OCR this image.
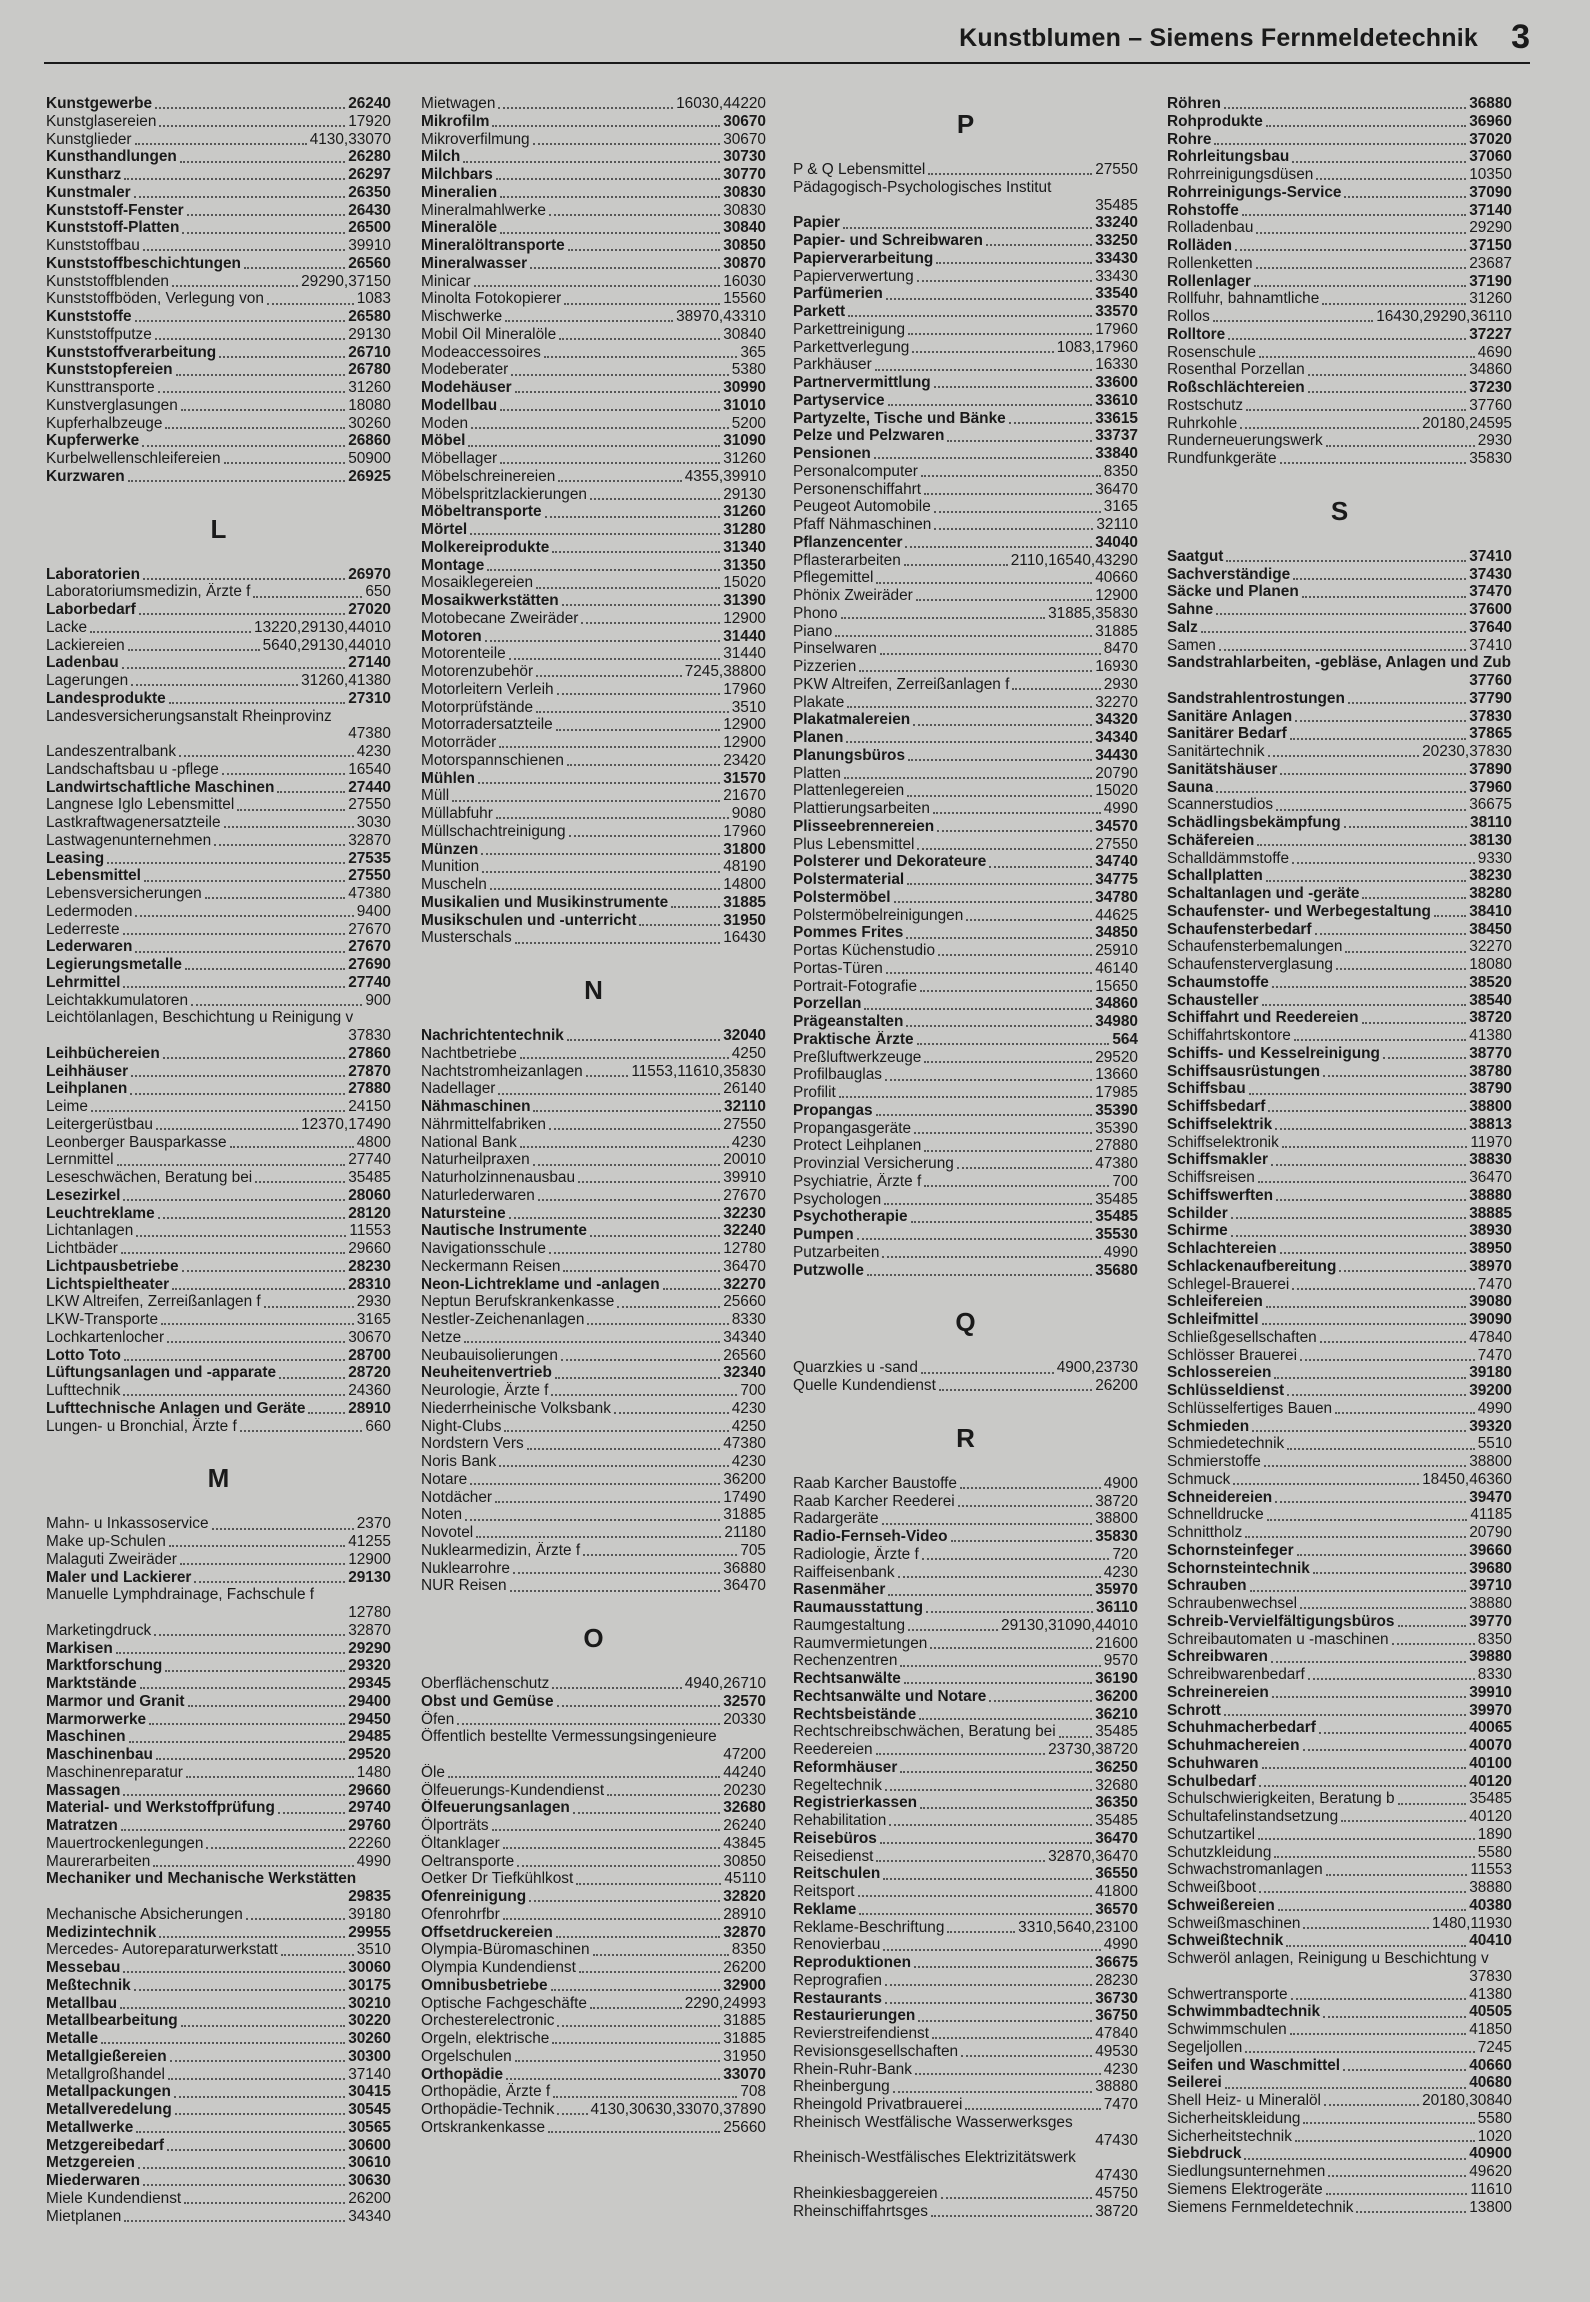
Kunstblumen – Siemens Fernmeldetechnik 3
Kunstgewerbe	26240
Kunstglasereien	17920
Kunstglieder	4130,33070
Kunsthandlungen	26280
Kunstharz	26297
Kunstmaler	26350
Kunststoff-Fenster	26430
Kunststoff-Platten	26500
Kunststoffbau	39910
Kunststoffbeschichtungen	26560
Kunststoffblenden	29290,37150
Kunststoffböden, Verlegung von	1083
Kunststoffe	26580
Kunststoffputze	29130
Kunststoffverarbeitung	26710
Kunststopfereien	26780
Kunsttransporte	31260
Kunstverglasungen	18080
Kupferhalbzeuge	30260
Kupferwerke	26860
Kurbelwellenschleifereien	50900
Kurzwaren	26925
L
Laboratorien	26970
Laboratoriumsmedizin, Ärzte f	650
Laborbedarf	27020
Lacke	13220,29130,44010
Lackiereien	5640,29130,44010
Ladenbau	27140
Lagerungen	31260,41380
Landesprodukte	27310
Landesversicherungsanstalt Rheinprovinz
47380
Landeszentralbank	4230
Landschaftsbau u -pflege	16540
Landwirtschaftliche Maschinen	27440
Langnese Iglo Lebensmittel	27550
Lastkraftwagenersatzteile	3030
Lastwagenunternehmen	32870
Leasing	27535
Lebensmittel	27550
Lebensversicherungen	47380
Ledermoden	9400
Lederreste	27670
Lederwaren	27670
Legierungsmetalle	27690
Lehrmittel	27740
Leichtakkumulatoren	900
Leichtölanlagen, Beschichtung u Reinigung v
37830
Leihbüchereien	27860
Leihhäuser	27870
Leihplanen	27880
Leime	24150
Leitergerüstbau	12370,17490
Leonberger Bausparkasse	4800
Lernmittel	27740
Leseschwächen, Beratung bei	35485
Lesezirkel	28060
Leuchtreklame	28120
Lichtanlagen	11553
Lichtbäder	29660
Lichtpausbetriebe	28230
Lichtspieltheater	28310
LKW Altreifen, Zerreißanlagen f	2930
LKW-Transporte	3165
Lochkartenlocher	30670
Lotto Toto	28700
Lüftungsanlagen und -apparate	28720
Lufttechnik	24360
Lufttechnische Anlagen und Geräte	28910
Lungen- u Bronchial, Ärzte f	660
M
Mahn- u Inkassoservice	2370
Make up-Schulen	41255
Malaguti Zweiräder	12900
Maler und Lackierer	29130
Manuelle Lymphdrainage, Fachschule f
12780
Marketingdruck	32870
Markisen	29290
Marktforschung	29320
Marktstände	29345
Marmor und Granit	29400
Marmorwerke	29450
Maschinen	29485
Maschinenbau	29520
Maschinenreparatur	1480
Massagen	29660
Material- und Werkstoffprüfung	29740
Matratzen	29760
Mauertrockenlegungen	22260
Maurerarbeiten	4990
Mechaniker und Mechanische Werkstätten
29835
Mechanische Absicherungen	39180
Medizintechnik	29955
Mercedes- Autoreparaturwerkstatt	3510
Messebau	30060
Meßtechnik	30175
Metallbau	30210
Metallbearbeitung	30220
Metalle	30260
Metallgießereien	30300
Metallgroßhandel	37140
Metallpackungen	30415
Metallveredelung	30545
Metallwerke	30565
Metzgereibedarf	30600
Metzgereien	30610
Miederwaren	30630
Miele Kundendienst	26200
Mietplanen	34340
Mietwagen	16030,44220
Mikrofilm	30670
Mikroverfilmung	30670
Milch	30730
Milchbars	30770
Mineralien	30830
Mineralmahlwerke	30830
Mineralöle	30840
Mineralöltransporte	30850
Mineralwasser	30870
Minicar	16030
Minolta Fotokopierer	15560
Mischwerke	38970,43310
Mobil Oil Mineralöle	30840
Modeaccessoires	365
Modeberater	5380
Modehäuser	30990
Modellbau	31010
Moden	5200
Möbel	31090
Möbellager	31260
Möbelschreinereien	4355,39910
Möbelspritzlackierungen	29130
Möbeltransporte	31260
Mörtel	31280
Molkereiprodukte	31340
Montage	31350
Mosaiklegereien	15020
Mosaikwerkstätten	31390
Motobecane Zweiräder	12900
Motoren	31440
Motorenteile	31440
Motorenzubehör	7245,38800
Motorleitern Verleih	17960
Motorprüfstände	3510
Motorradersatzteile	12900
Motorräder	12900
Motorspannschienen	23420
Mühlen	31570
Müll	21670
Müllabfuhr	9080
Müllschachtreinigung	17960
Münzen	31800
Munition	48190
Muscheln	14800
Musikalien und Musikinstrumente	31885
Musikschulen und -unterricht	31950
Musterschals	16430
N
Nachrichtentechnik	32040
Nachtbetriebe	4250
Nachtstromheizanlagen	11553,11610,35830
Nadellager	26140
Nähmaschinen	32110
Nährmittelfabriken	27550
National Bank	4230
Naturheilpraxen	20010
Naturholzinnenausbau	39910
Naturlederwaren	27670
Natursteine	32230
Nautische Instrumente	32240
Navigationsschule	12780
Neckermann Reisen	36470
Neon-Lichtreklame und -anlagen	32270
Neptun Berufskrankenkasse	25660
Nestler-Zeichenanlagen	8330
Netze	34340
Neubauisolierungen	26560
Neuheitenvertrieb	32340
Neurologie, Ärzte f	700
Niederrheinische Volksbank	4230
Night-Clubs	4250
Nordstern Vers	47380
Noris Bank	4230
Notare	36200
Notdächer	17490
Noten	31885
Novotel	21180
Nuklearmedizin, Ärzte f	705
Nuklearrohre	36880
NUR Reisen	36470
O
Oberflächenschutz	4940,26710
Obst und Gemüse	32570
Öfen	20330
Öffentlich bestellte Vermessungsingenieure
47200
Öle	44240
Ölfeuerungs-Kundendienst	20230
Ölfeuerungsanlagen	32680
Ölporträts	26240
Öltanklager	43845
Oeltransporte	30850
Oetker Dr Tiefkühlkost	45110
Ofenreinigung	32820
Ofenrohrfbr	28910
Offsetdruckereien	32870
Olympia-Büromaschinen	8350
Olympia Kundendienst	26200
Omnibusbetriebe	32900
Optische Fachgeschäfte	2290,24993
Orchesterelectronic	31885
Orgeln, elektrische	31885
Orgelschulen	31950
Orthopädie	33070
Orthopädie, Ärzte f	708
Orthopädie-Technik 4130,30630,33070,37890
Ortskrankenkasse	25660
P
P & Q Lebensmittel	27550
Pädagogisch-Psychologisches Institut
35485
Papier	33240
Papier- und Schreibwaren	33250
Papierverarbeitung	33430
Papierverwertung	33430
Parfümerien	33540
Parkett	33570
Parkettreinigung	17960
Parkettverlegung	1083,17960
Parkhäuser	16330
Partnervermittlung	33600
Partyservice	33610
Partyzelte, Tische und Bänke	33615
Pelze und Pelzwaren	33737
Pensionen	33840
Personalcomputer	8350
Personenschiffahrt	36470
Peugeot Automobile	3165
Pfaff Nähmaschinen	32110
Pflanzencenter	34040
Pflasterarbeiten	2110,16540,43290
Pflegemittel	40660
Phönix Zweiräder	12900
Phono	31885,35830
Piano	31885
Pinselwaren	8470
Pizzerien	16930
PKW Altreifen, Zerreißanlagen f	2930
Plakate	32270
Plakatmalereien	34320
Planen	34340
Planungsbüros	34430
Platten	20790
Plattenlegereien	15020
Plattierungsarbeiten	4990
Plisseebrennereien	34570
Plus Lebensmittel	27550
Polsterer und Dekorateure	34740
Polstermaterial	34775
Polstermöbel	34780
Polstermöbelreinigungen	44625
Pommes Frites	34850
Portas Küchenstudio	25910
Portas-Türen	46140
Portrait-Fotografie	15650
Porzellan	34860
Prägeanstalten	34980
Praktische Ärzte	564
Preßluftwerkzeuge	29520
Profilbauglas	13660
Profilit	17985
Propangas	35390
Propangasgeräte	35390
Protect Leihplanen	27880
Provinzial Versicherung	47380
Psychiatrie, Ärzte f	700
Psychologen	35485
Psychotherapie	35485
Pumpen	35530
Putzarbeiten	4990
Putzwolle	35680
Q
Quarzkies u -sand	4900,23730
Quelle Kundendienst	26200
R
Raab Karcher Baustoffe	4900
Raab Karcher Reederei	38720
Radargeräte	38800
Radio-Fernseh-Video	35830
Radiologie, Ärzte f	720
Raiffeisenbank	4230
Rasenmäher	35970
Raumausstattung	36110
Raumgestaltung	29130,31090,44010
Raumvermietungen	21600
Rechenzentren	9570
Rechtsanwälte	36190
Rechtsanwälte und Notare	36200
Rechtsbeistände	36210
Rechtschreibschwächen, Beratung bei	35485
Reedereien	23730,38720
Reformhäuser	36250
Regeltechnik	32680
Registrierkassen	36350
Rehabilitation	35485
Reisebüros	36470
Reisedienst	32870,36470
Reitschulen	36550
Reitsport	41800
Reklame	36570
Reklame-Beschriftung	3310,5640,23100
Renovierbau	4990
Reproduktionen	36675
Reprografien	28230
Restaurants	36730
Restaurierungen	36750
Revierstreifendienst	47840
Revisionsgesellschaften	49530
Rhein-Ruhr-Bank	4230
Rheinbergung	38880
Rheingold Privatbrauerei	7470
Rheinisch Westfälische Wasserwerksges
47430
Rheinisch-Westfälisches Elektrizitätswerk
47430
Rheinkiesbaggereien	45750
Rheinschiffahrtsges	38720
Röhren	36880
Rohprodukte	36960
Rohre	37020
Rohrleitungsbau	37060
Rohrreinigungsdüsen	10350
Rohrreinigungs-Service	37090
Rohstoffe	37140
Rolladenbau	29290
Rolläden	37150
Rollenketten	23687
Rollenlager	37190
Rollfuhr, bahnamtliche	31260
Rollos	16430,29290,36110
Rolltore	37227
Rosenschule	4690
Rosenthal Porzellan	34860
Roßschlächtereien	37230
Rostschutz	37760
Ruhrkohle	20180,24595
Runderneuerungswerk	2930
Rundfunkgeräte	35830
S
Saatgut	37410
Sachverständige	37430
Säcke und Planen	37470
Sahne	37600
Salz	37640
Samen	37410
Sandstrahlarbeiten, -gebläse, Anlagen und Zub
37760
Sandstrahlentrostungen	37790
Sanitäre Anlagen	37830
Sanitärer Bedarf	37865
Sanitärtechnik	20230,37830
Sanitätshäuser	37890
Sauna	37960
Scannerstudios	36675
Schädlingsbekämpfung	38110
Schäfereien	38130
Schalldämmstoffe	9330
Schallplatten	38230
Schaltanlagen und -geräte	38280
Schaufenster- und Werbegestaltung 38410
Schaufensterbedarf	38450
Schaufensterbemalungen	32270
Schaufensterverglasung	18080
Schaumstoffe	38520
Schausteller	38540
Schiffahrt und Reedereien	38720
Schiffahrtskontore	41380
Schiffs- und Kesselreinigung	38770
Schiffsausrüstungen	38780
Schiffsbau	38790
Schiffsbedarf	38800
Schiffselektrik	38813
Schiffselektronik	11970
Schiffsmakler	38830
Schiffsreisen	36470
Schiffswerften	38880
Schilder	38885
Schirme	38930
Schlachtereien	38950
Schlackenaufbereitung	38970
Schlegel-Brauerei	7470
Schleifereien	39080
Schleifmittel	39090
Schließgesellschaften	47840
Schlösser Brauerei	7470
Schlossereien	39180
Schlüsseldienst	39200
Schlüsselfertiges Bauen	4990
Schmieden	39320
Schmiedetechnik	5510
Schmierstoffe	38800
Schmuck	18450,46360
Schneidereien	39470
Schnelldrucke	41185
Schnittholz	20790
Schornsteinfeger	39660
Schornsteintechnik	39680
Schrauben	39710
Schraubenwechsel	38880
Schreib-Vervielfältigungsbüros	39770
Schreibautomaten u -maschinen	8350
Schreibwaren	39880
Schreibwarenbedarf	8330
Schreinereien	39910
Schrott	39970
Schuhmacherbedarf	40065
Schuhmachereien	40070
Schuhwaren	40100
Schulbedarf	40120
Schulschwierigkeiten, Beratung b	35485
Schultafelinstandsetzung	40120
Schutzartikel	1890
Schutzkleidung	5580
Schwachstromanlagen	11553
Schweißboot	38880
Schweißereien	40380
Schweißmaschinen	1480,11930
Schweißtechnik	40410
Schweröl anlagen, Reinigung u Beschichtung v
37830
Schwertransporte	41380
Schwimmbadtechnik	40505
Schwimmschulen	41850
Segeljollen	7245
Seifen und Waschmittel	40660
Seilerei	40680
Shell Heiz- u Mineralöl	20180,30840
Sicherheitskleidung	5580
Sicherheitstechnik	1020
Siebdruck	40900
Siedlungsunternehmen	49620
Siemens Elektrogeräte	11610
Siemens Fernmeldetechnik	13800
